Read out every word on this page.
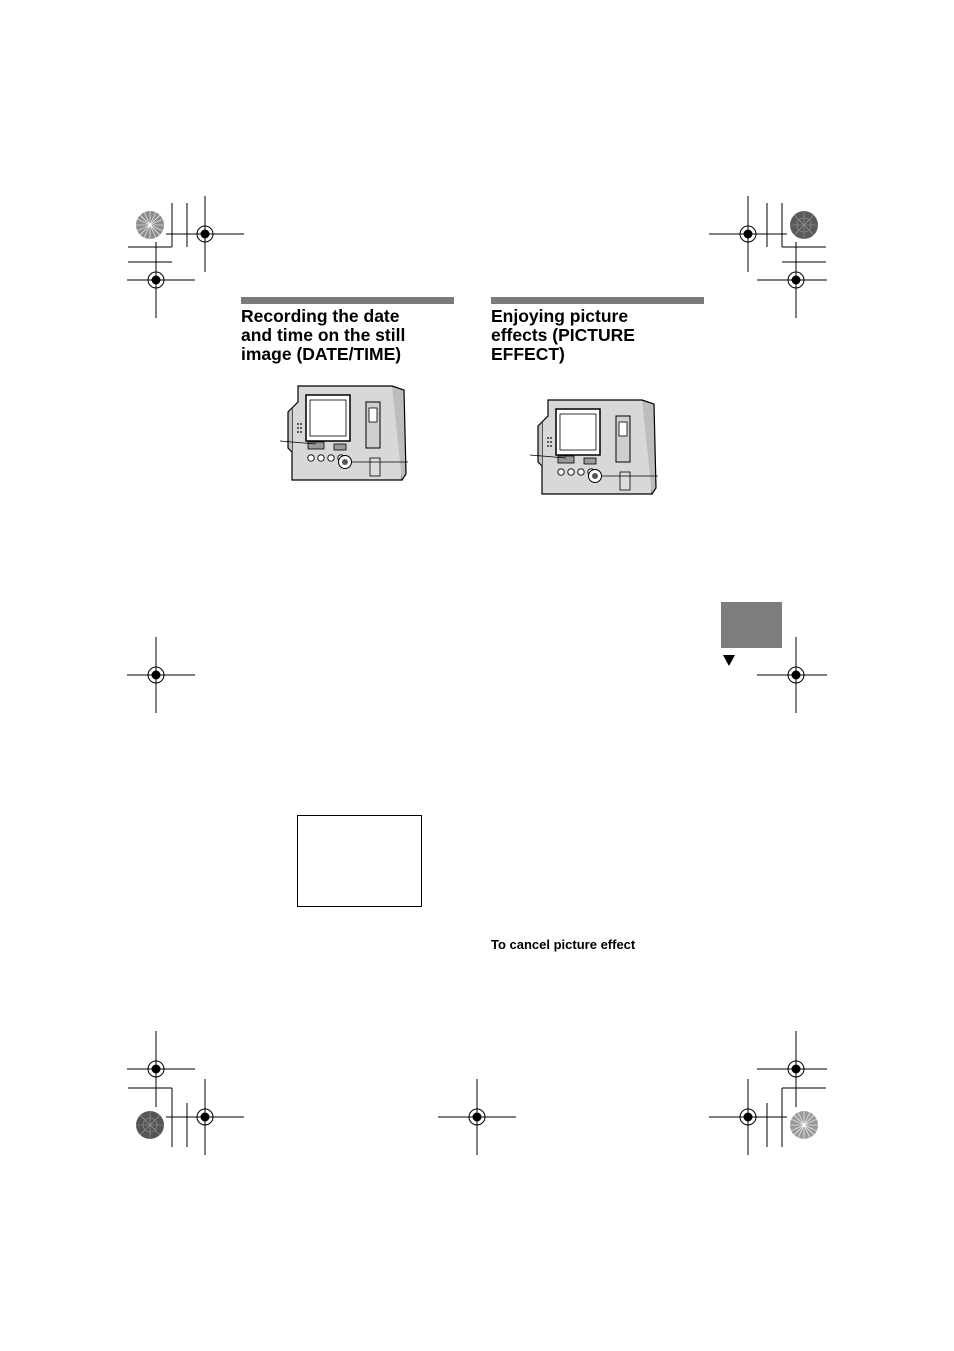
Recording the date
and time on the still
image (DATE/TIME)
Enjoying picture
effects (PICTURE
EFFECT)

To cancel picture effect
